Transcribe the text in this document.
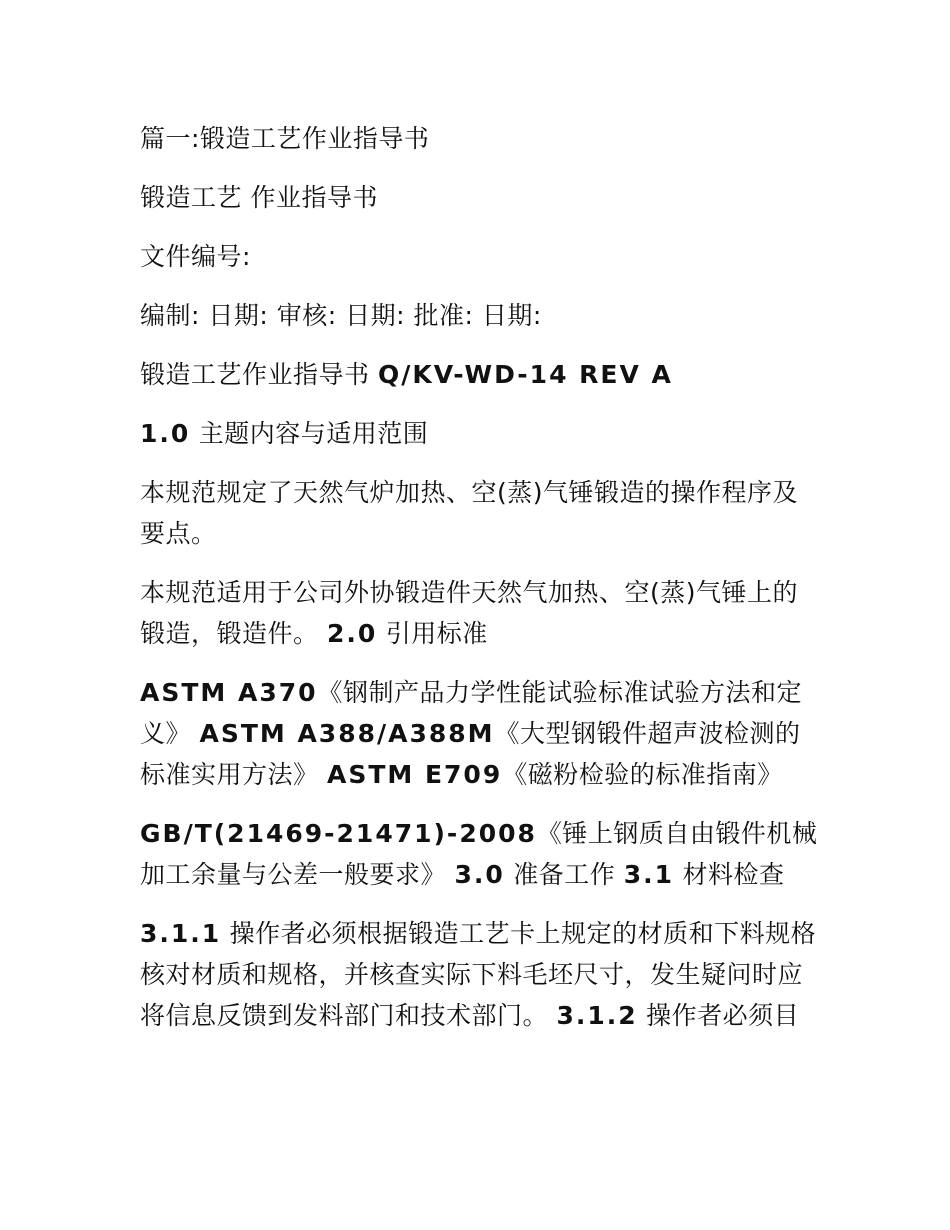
篇一:锻造工艺作业指导书

锻造工艺 作业指导书

文件编号:

编制: 日期: 审核: 日期: 批准: 日期:

锻造工艺作业指导书 Q/KV-WD-14 REV A

1.0 主题内容与适用范围

本规范规定了天然气炉加热、空(蒸)气锤锻造的操作程序及要点。

本规范适用于公司外协锻造件天然气加热、空(蒸)气锤上的锻造，锻造件。 2.0 引用标准

ASTM A370《钢制产品力学性能试验标准试验方法和定义》 ASTM A388/A388M《大型钢锻件超声波检测的标准实用方法》 ASTM E709《磁粉检验的标准指南》

GB/T(21469-21471)-2008《锤上钢质自由锻件机械加工余量与公差一般要求》 3.0 准备工作 3.1 材料检查

3.1.1 操作者必须根据锻造工艺卡上规定的材质和下料规格核对材质和规格，并核查实际下料毛坯尺寸，发生疑问时应将信息反馈到发料部门和技术部门。 3.1.2 操作者必须目
